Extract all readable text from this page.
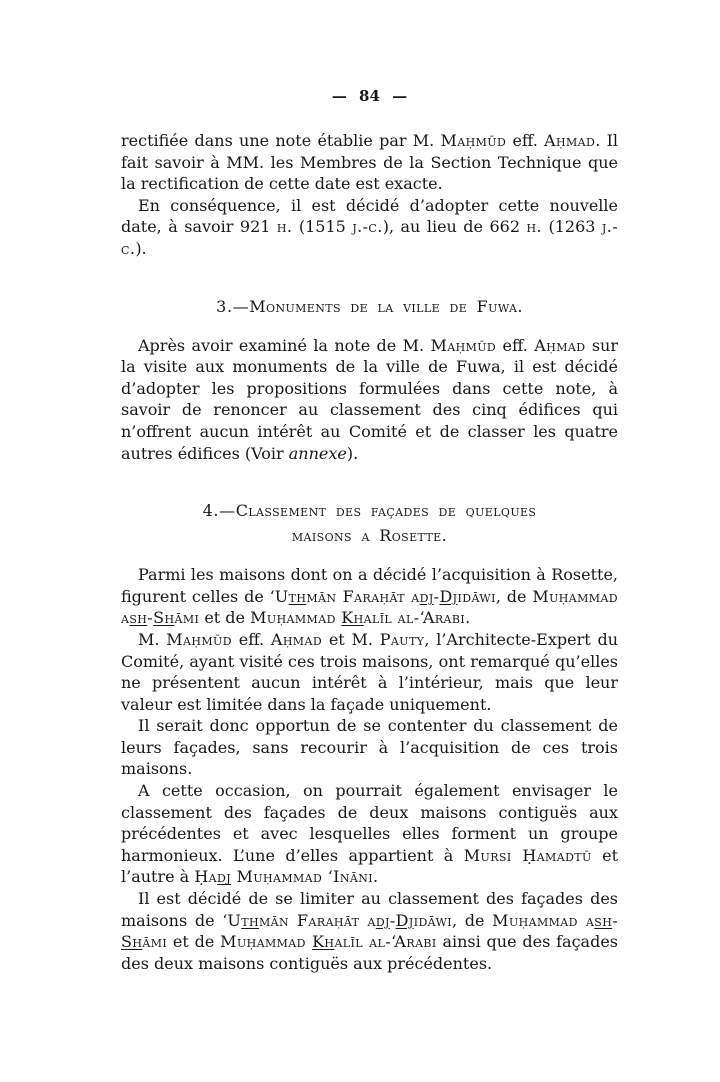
— 84 —
rectifiée dans une note établie par M. Maḥmūd eff. Aḥmad. Il fait savoir à MM. les Membres de la Section Technique que la rectification de cette date est exacte.
En conséquence, il est décidé d’adopter cette nouvelle date, à savoir 921 h. (1515 j.-c.), au lieu de 662 h. (1263 j.-c.).
3.—Monuments de la ville de Fuwa.
Après avoir examiné la note de M. Maḥmūd eff. Aḥmad sur la visite aux monuments de la ville de Fuwa, il est décidé d’adopter les propositions formulées dans cette note, à savoir de renoncer au classement des cinq édifices qui n’offrent aucun intérêt au Comité et de classer les quatre autres édifices (Voir annexe).
4.—Classement des façades de quelques
maisons a Rosette.
Parmi les maisons dont on a décidé l’acquisition à Rosette, figurent celles de ‘Uthmān Faraḥāt adj-Djidāwi, de Muḥammad ash-Shāmi et de Muḥammad Khalīl al-‘Arabi.
M. Maḥmūd eff. Aḥmad et M. Pauty, l’Architecte-Expert du Comité, ayant visité ces trois maisons, ont remarqué qu’elles ne présentent aucun intérêt à l’intérieur, mais que leur valeur est limitée dans la façade uniquement.
Il serait donc opportun de se contenter du classement de leurs façades, sans recourir à l’acquisition de ces trois maisons.
A cette occasion, on pourrait également envisager le classement des façades de deux maisons contiguës aux précédentes et avec lesquelles elles forment un groupe harmonieux. L’une d’elles appartient à Mursi Ḥamadtū et l’autre à Ḥadj Muḥammad ‘Ināni.
Il est décidé de se limiter au classement des façades des maisons de ‘Uthmān Faraḥāt adj-Djidāwi, de Muḥammad ash-Shāmi et de Muḥammad Khalīl al-‘Arabi ainsi que des façades des deux maisons contiguës aux précédentes.
